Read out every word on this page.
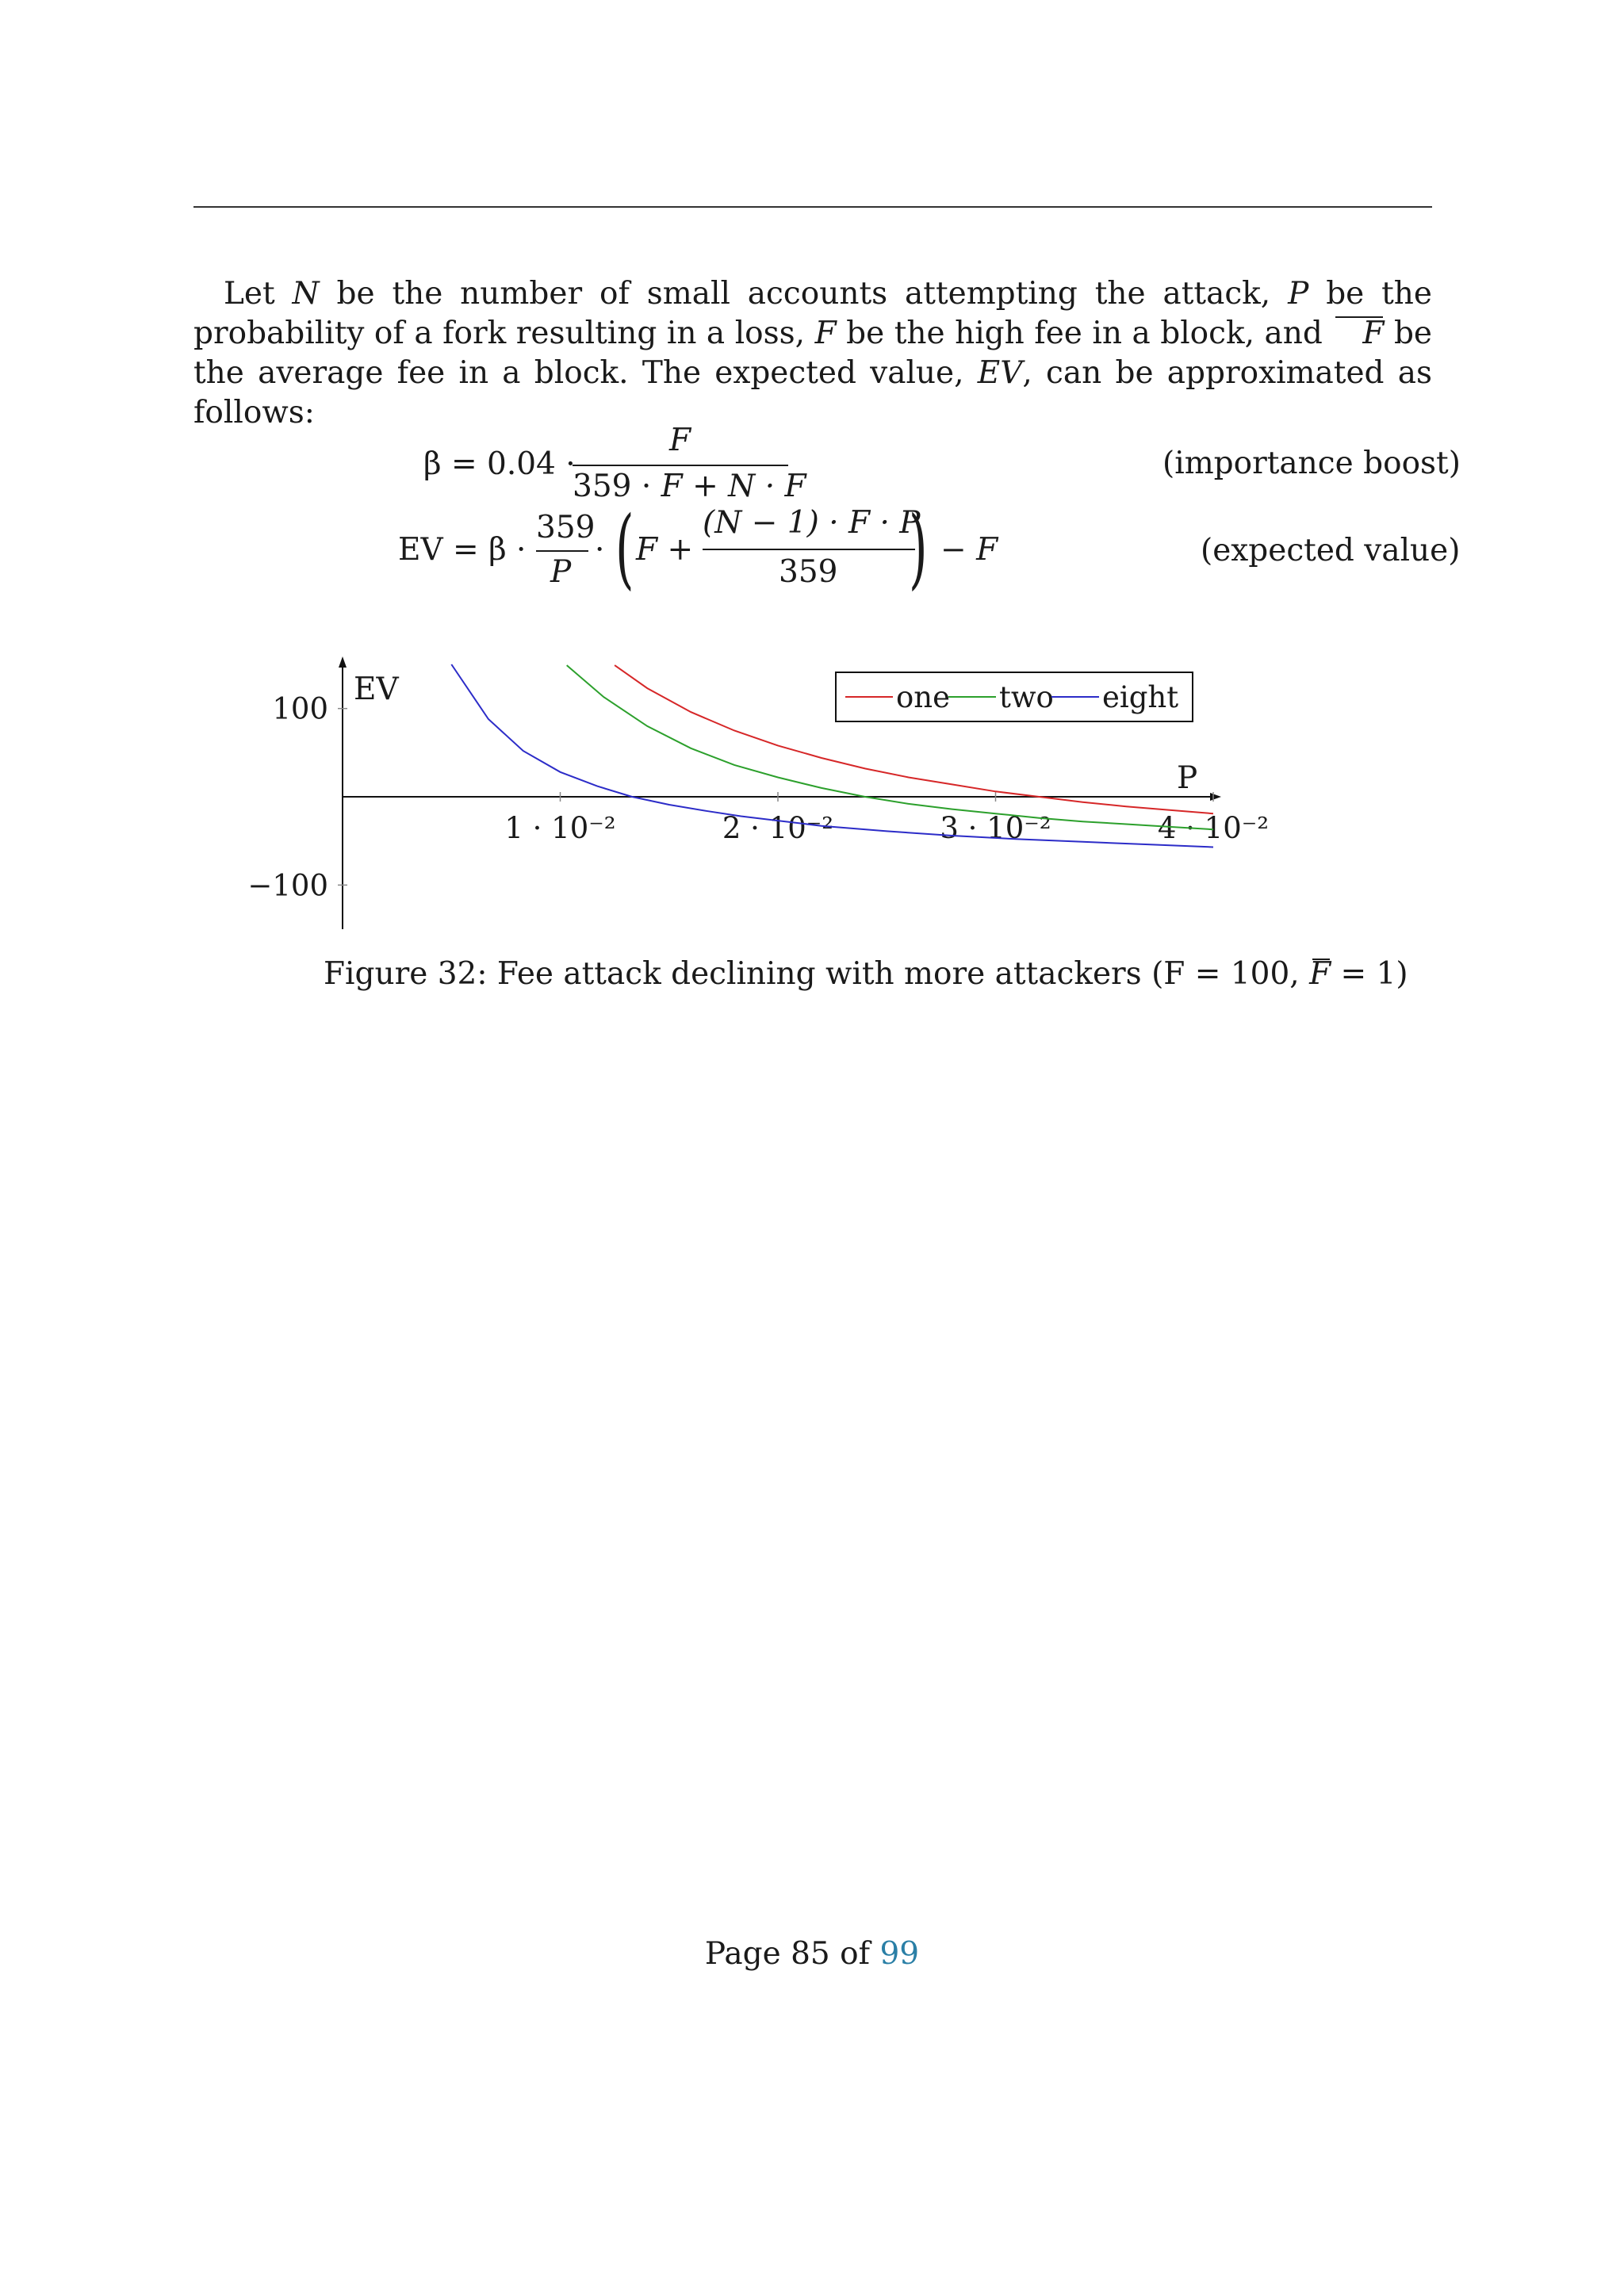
Let N be the number of small accounts attempting the attack, P be the probability of a fork resulting in a loss, F be the high fee in a block, and F be the average fee in a block. The expected value, EV, can be approximated as follows:

β = 0.04 ·
F
359 · F + N · F
(importance boost)
EV = β ·
359
P
· ( F +
(N − 1) · F · P
359 ) − F	(expected value)
EV
P
1 · 10⁻²	2 · 10⁻²	3 · 10⁻²	4 · 10⁻²
100
−100
one two eight
Figure 32: Fee attack declining with more attackers (F = 100, F = 1)
Page 85 of 99
